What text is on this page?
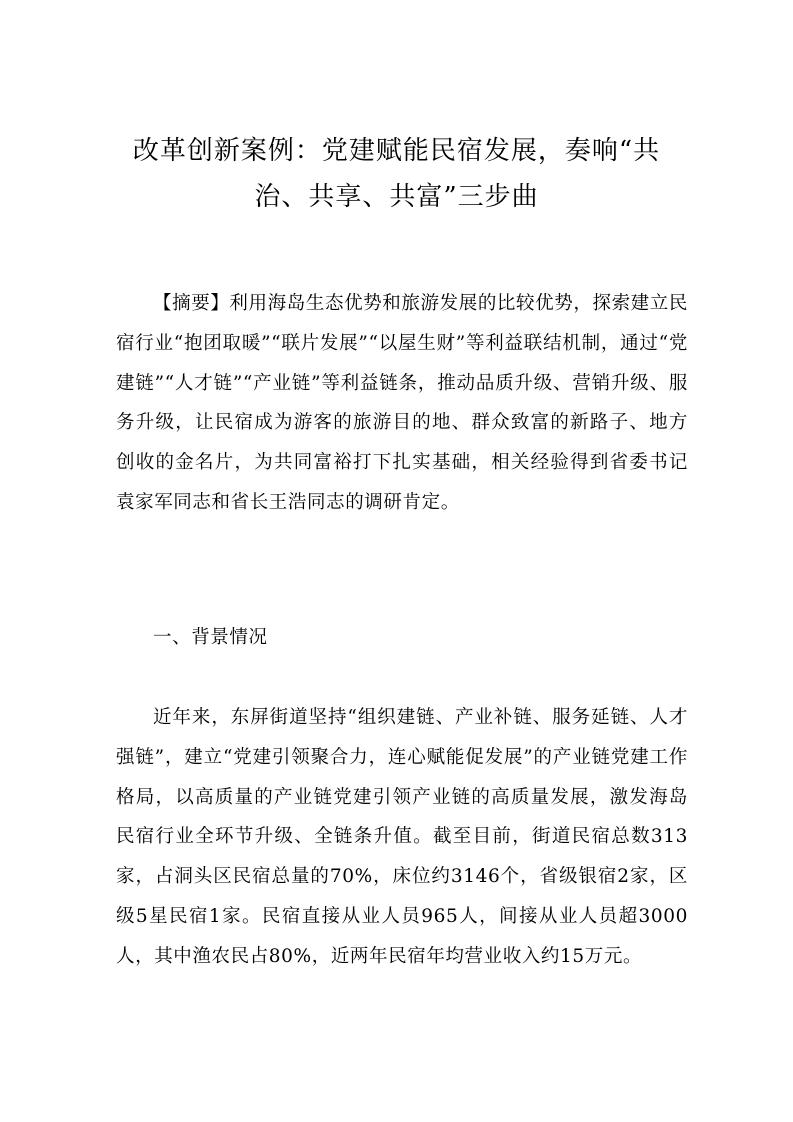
改革创新案例：党建赋能民宿发展，奏响“共
治、共享、共富”三步曲

【摘要】利用海岛生态优势和旅游发展的比较优势，探索建立民宿行业“抱团取暖”“联片发展”“以屋生财”等利益联结机制，通过“党建链”“人才链”“产业链”等利益链条，推动品质升级、营销升级、服务升级，让民宿成为游客的旅游目的地、群众致富的新路子、地方创收的金名片，为共同富裕打下扎实基础，相关经验得到省委书记袁家军同志和省长王浩同志的调研肯定。

一、背景情况

近年来，东屏街道坚持“组织建链、产业补链、服务延链、人才强链”，建立“党建引领聚合力，连心赋能促发展”的产业链党建工作格局，以高质量的产业链党建引领产业链的高质量发展，激发海岛民宿行业全环节升级、全链条升值。截至目前，街道民宿总数313家，占洞头区民宿总量的70%，床位约3146个，省级银宿2家，区级5星民宿1家。民宿直接从业人员965人，间接从业人员超3000人，其中渔农民占80%，近两年民宿年均营业收入约15万元。
